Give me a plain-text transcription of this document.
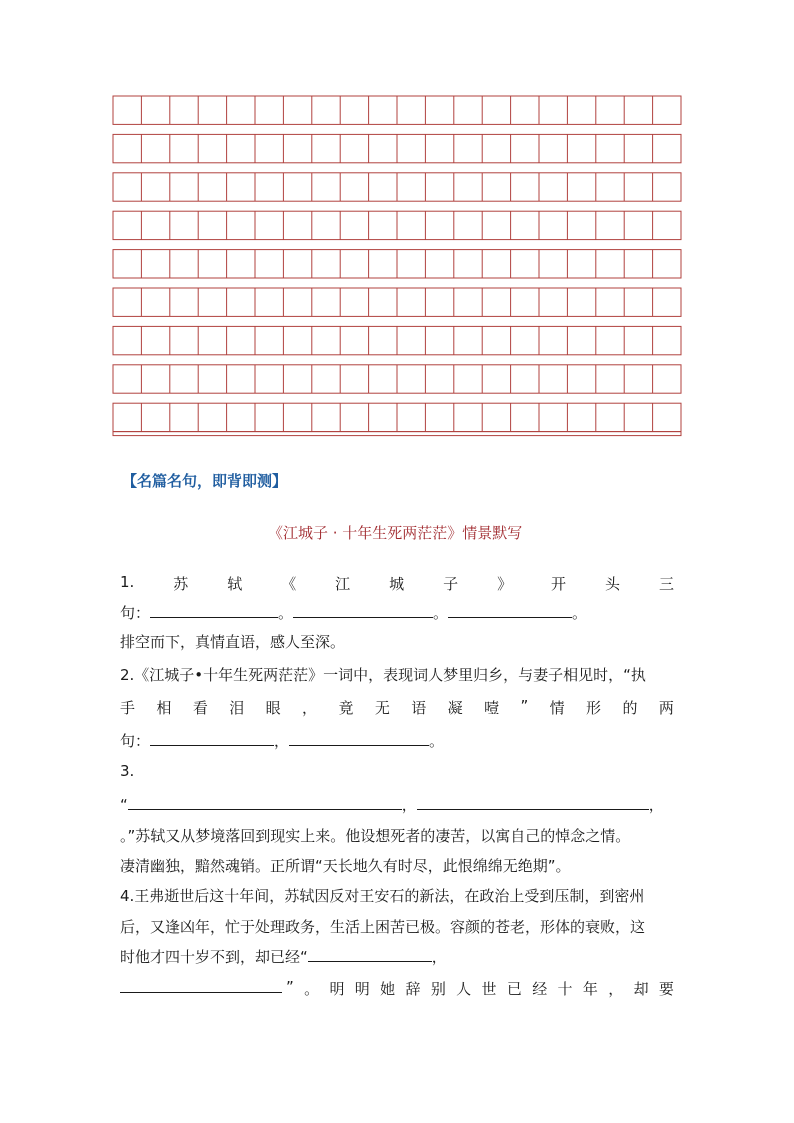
【名篇名句，即背即测】
《江城子 · 十年生死两茫茫》情景默写
1.	苏	轼	《	江	城	子	》	开	头	三
句：	。	。	。
排空而下，真情直语，感人至深。
2.《江城子•十年生死两茫茫》一词中，表现词人梦里归乡，与妻子相见时，“执
手 相 看 泪 眼 ， 竟 无 语 凝 噎 ” 情 形 的 两
句：	，	。
3.
“	，	，
。”苏轼又从梦境落回到现实上来。他设想死者的凄苦，以寓自己的悼念之情。
凄清幽独，黯然魂销。正所谓“天长地久有时尽，此恨绵绵无绝期”。
4.王弗逝世后这十年间，苏轼因反对王安石的新法，在政治上受到压制，到密州
后，又逢凶年，忙于处理政务，生活上困苦已极。容颜的苍老，形体的衰败，这
时他才四十岁不到，却已经“	，
” 。 明 明 她 辞 别 人 世 已 经 十 年 ， 却 要
